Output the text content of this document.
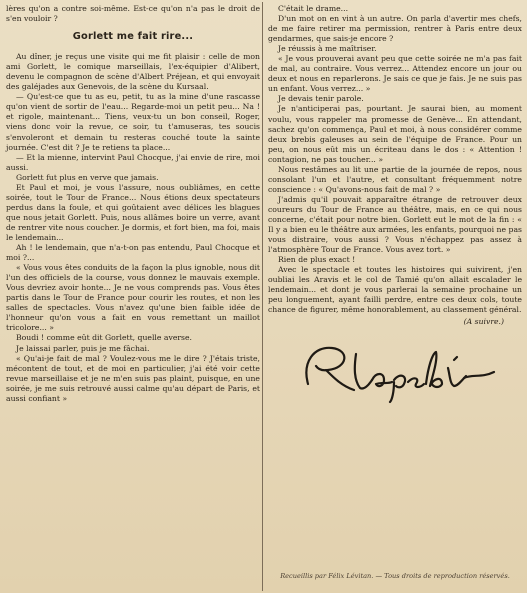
lères qu'on a contre soi-même. Est-ce qu'on n'a pas le droit de s'en vouloir ?

Gorlett me fait rire...

Au dîner, je reçus une visite qui me fit plaisir : celle de mon ami Gorlett, le comique marseillais, l'ex-équipier d'Alibert, devenu le compagnon de scène d'Albert Préjean, et qui envoyait des galéjades aux Genevois, de la scène du Kursaal.

— Qu'est-ce que tu as eu, petit, tu as la mine d'une rascasse qu'on vient de sortir de l'eau... Regarde-moi un petit peu... Na ! et rigole, maintenant... Tiens, veux-tu un bon conseil, Roger, viens donc voir la revue, ce soir, tu t'amuseras, tes soucis s'envoleront et demain tu resteras couché toute la sainte journée. C'est dit ? Je te retiens ta place...

— Et la mienne, intervint Paul Chocque, j'ai envie de rire, moi aussi.

Gorlett fut plus en verve que jamais.

Et Paul et moi, je vous l'assure, nous oubliâmes, en cette soirée, tout le Tour de France... Nous étions deux spectateurs perdus dans la foule, et qui goûtaient avec délices les blagues que nous jetait Gorlett. Puis, nous allâmes boire un verre, avant de rentrer vite nous coucher. Je dormis, et fort bien, ma foi, mais le lendemain...

Ah ! le lendemain, que n'a-t-on pas entendu, Paul Chocque et moi ?...

« Vous vous êtes conduits de la façon la plus ignoble, nous dit l'un des officiels de la course, vous donnez le mauvais exemple. Vous devriez avoir honte... Je ne vous comprends pas. Vous êtes partis dans le Tour de France pour courir les routes, et non les salles de spectacles. Vous n'avez qu'une bien faible idée de l'honneur qu'on vous a fait en vous remettant un maillot tricolore... »

Boudi ! comme eût dit Gorlett, quelle averse.

Je laissai parler, puis je me fâchai.

« Qu'ai-je fait de mal ? Voulez-vous me le dire ? J'étais triste, mécontent de tout, et de moi en particulier, j'ai été voir cette revue marseillaise et je ne m'en suis pas plaint, puisque, en une soirée, je me suis retrouvé aussi calme qu'au départ de Paris, et aussi confiant »

C'était le drame...

D'un mot on en vint à un autre. On parla d'avertir mes chefs, de me faire retirer ma permission, rentrer à Paris entre deux gendarmes, que sais-je encore ?

Je réussis à me maîtriser.

« Je vous prouverai avant peu que cette soirée ne m'a pas fait de mal, au contraire. Vous verrez... Attendez encore un jour ou deux et nous en reparlerons. Je sais ce que je fais. Je ne suis pas un enfant. Vous verrez... »

Je devais tenir parole.

Je n'anticiperai pas, pourtant. Je saurai bien, au moment voulu, vous rappeler ma promesse de Genève... En attendant, sachez qu'on commença, Paul et moi, à nous considérer comme deux brebis galeuses au sein de l'équipe de France. Pour un peu, on nous eût mis un écriteau dans le dos : « Attention ! contagion, ne pas toucher... »

Nous restâmes au lit une partie de la journée de repos, nous consolant l'un et l'autre, et consultant fréquemment notre conscience : « Qu'avons-nous fait de mal ? »

J'admis qu'il pouvait apparaître étrange de retrouver deux coureurs du Tour de France au théâtre, mais, en ce qui nous concerne, c'était pour notre bien. Gorlett eut le mot de la fin : « Il y a bien eu le théâtre aux armées, les enfants, pourquoi ne pas vous distraire, vous aussi ? Vous n'échappez pas assez à l'atmosphère Tour de France. Vous avez tort. »

Rien de plus exact !

Avec le spectacle et toutes les histoires qui suivirent, j'en oubliai les Aravis et le col de Tamié qu'on allait escalader le lendemain... et dont je vous parlerai la semaine prochaine un peu longuement, ayant failli perdre, entre ces deux cols, toute chance de figurer, même honorablement, au classement général.

(A suivre.)
Recueillis par Félix Lévitan. — Tous droits de reproduction réservés.
